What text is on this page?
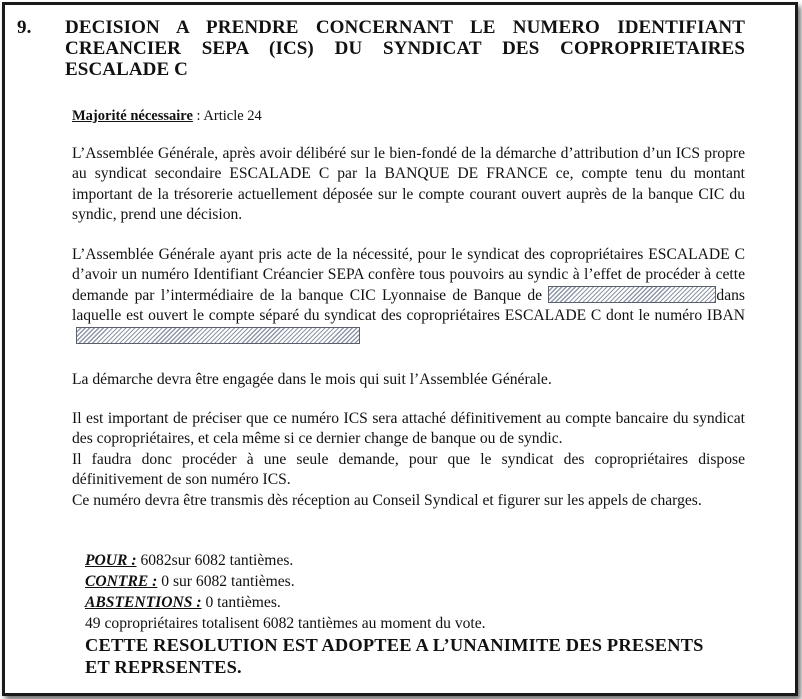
9. DECISION A PRENDRE CONCERNANT LE NUMERO IDENTIFIANT CREANCIER SEPA (ICS) DU SYNDICAT DES COPROPRIETAIRES ESCALADE C
Majorité nécessaire : Article 24
L’Assemblée Générale, après avoir délibéré sur le bien-fondé de la démarche d’attribution d’un ICS propre au syndicat secondaire ESCALADE C par la BANQUE DE FRANCE ce, compte tenu du montant important de la trésorerie actuellement déposée sur le compte courant ouvert auprès de la banque CIC du syndic, prend une décision.
L’Assemblée Générale ayant pris acte de la nécessité, pour le syndicat des copropriétaires ESCALADE C d’avoir un numéro Identifiant Créancier SEPA confère tous pouvoirs au syndic à l’effet de procéder à cette demande par l’intermédiaire de la banque CIC Lyonnaise de Banque de	dans laquelle est ouvert le compte séparé du syndicat des copropriétaires ESCALADE C dont le numéro IBAN
La démarche devra être engagée dans le mois qui suit l’Assemblée Générale.
Il est important de préciser que ce numéro ICS sera attaché définitivement au compte bancaire du syndicat des copropriétaires, et cela même si ce dernier change de banque ou de syndic.
Il faudra donc procéder à une seule demande, pour que le syndicat des copropriétaires dispose définitivement de son numéro ICS.
Ce numéro devra être transmis dès réception au Conseil Syndical et figurer sur les appels de charges.
POUR : 6082sur 6082 tantièmes.
CONTRE : 0 sur 6082 tantièmes.
ABSTENTIONS : 0 tantièmes.
49 copropriétaires totalisent 6082 tantièmes au moment du vote.
CETTE RESOLUTION EST ADOPTEE A L’UNANIMITE DES PRESENTS
ET REPRSENTES.
